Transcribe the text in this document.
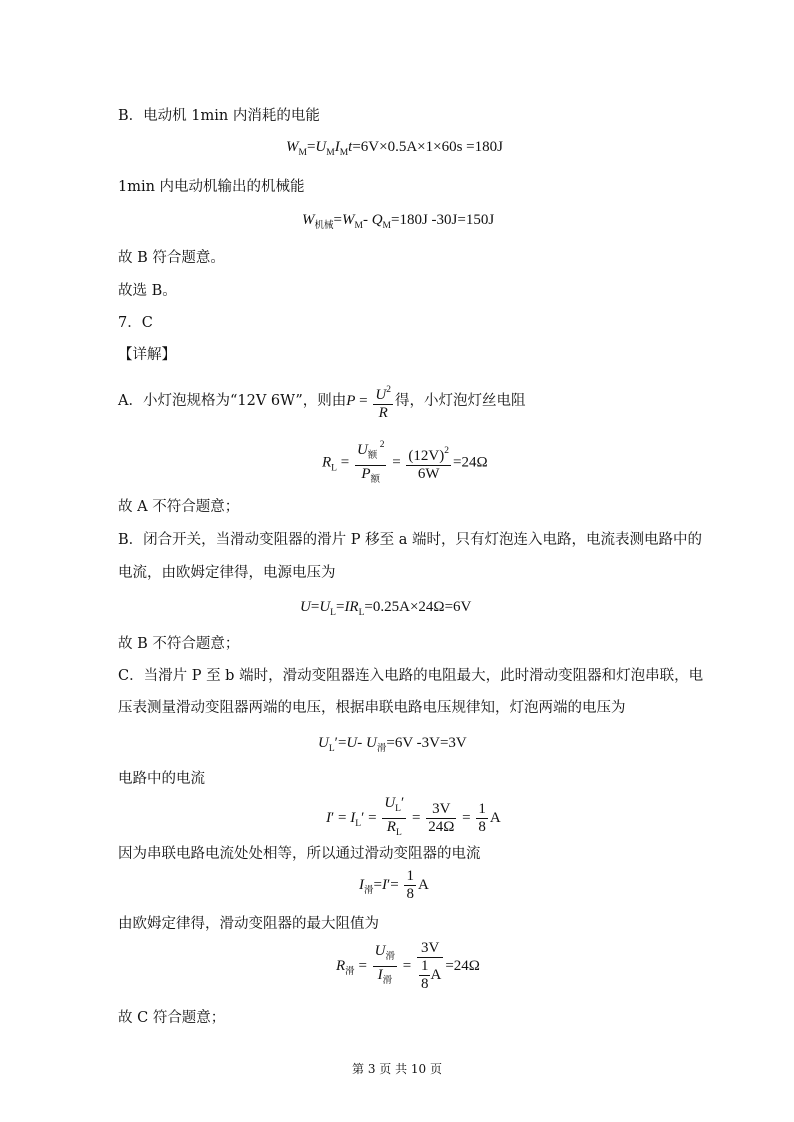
B．电动机 1min 内消耗的电能
$W_M=U_MI_Mt=6V\times 0.5A\times 1\times 60s =180J$
1min 内电动机输出的机械能
$W_{机械}=W_M-$ $Q_M=180J$ -30J=150J
故 B 符合题意。
故选 B。
7．C
【详解】
A．小灯泡规格为“12V 6W”，则由$P = \frac{U^2}{R}$ 得，小灯泡灯丝电阻
$R_L = \frac{U_额 ^2}{P_额} = \frac{(12V)^2}{6W} =24\Omega$
故 A 不符合题意；
B．闭合开关，当滑动变阻器的滑片 P 移至 a 端时，只有灯泡连入电路，电流表测电路中的
电流，由欧姆定律得，电源电压为
$U=U_L=IR_L=0.25A\times 24\Omega=6V$
故 B 不符合题意；
C．当滑片 P 至 b 端时，滑动变阻器连入电路的电阻最大，此时滑动变阻器和灯泡串联，电
压表测量滑动变阻器两端的电压，根据串联电路电压规律知，灯泡两端的电压为
$U_L'=U-$ $U_滑=6V$ -3V=3V
电路中的电流
$I' = I_L' = \frac{U_L'}{R_L} = \frac{3V}{24\Omega} = \frac{1}{8}$ A
因为串联电路电流处处相等，所以通过滑动变阻器的电流
$I_滑=I'= \frac{1}{8}$ A
由欧姆定律得，滑动变阻器的最大阻值为
$R_滑 = \frac{U_滑}{I_滑} = \frac{3V}{\frac{1}{8} A} =24\Omega$
故 C 符合题意；
第 3 页 共 10 页
